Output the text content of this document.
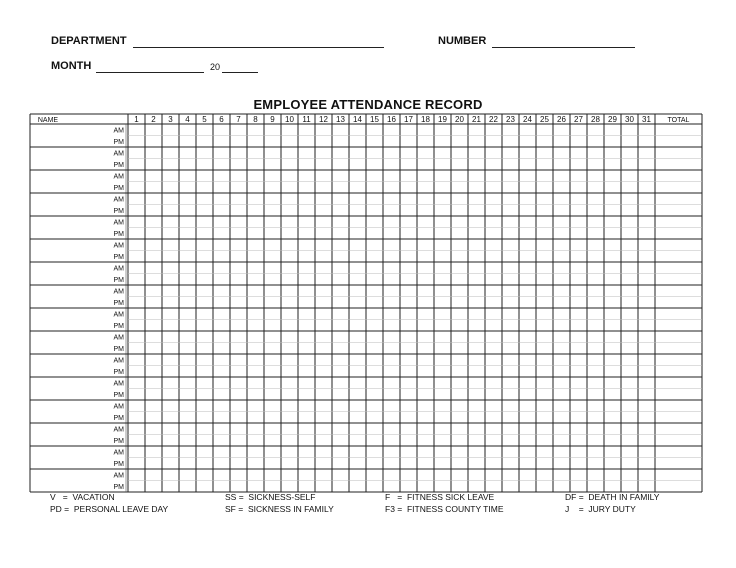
DEPARTMENT	NUMBER
MONTH	20
EMPLOYEE ATTENDANCE RECORD
NAME	1 2 3 4 5 6 7 8 9 10 11 12 13 14 15 16 17 18 19 20 21 22 23 24 25 26 27 28 29 30 31 TOTAL
AM
PM
AM
PM
AM
PM
AM
PM
AM
PM
AM
PM
AM
PM
AM
PM
AM
PM
AM
PM
AM
PM
AM
PM
AM
PM
AM
PM
AM
PM
AM
PM
V   =  VACATION
PD =  PERSONAL LEAVE DAY
SS =  SICKNESS-SELF
SF =  SICKNESS IN FAMILY
F   =  FITNESS SICK LEAVE
F3 =  FITNESS COUNTY TIME
DF =  DEATH IN FAMILY
J    =  JURY DUTY
